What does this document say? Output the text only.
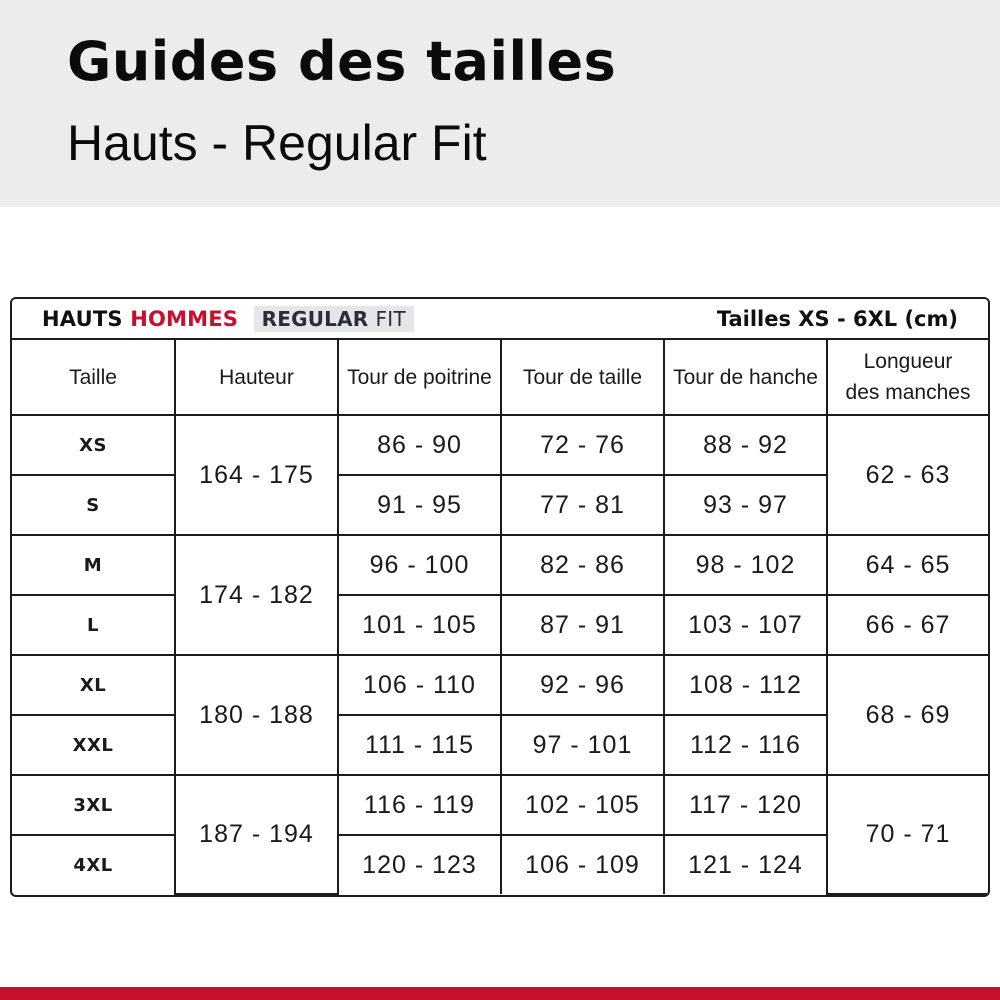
Guides des tailles
Hauts - Regular Fit
HAUTS HOMMES REGULAR FIT	Tailles XS - 6XL (cm)
Taille	Hauteur	Tour de poitrine	Tour de taille	Tour de hanche	Longueur
des manches
XS	164 - 175	86 - 90	72 - 76	88 - 92	62 - 63
S		91 - 95	77 - 81	93 - 97	
M	174 - 182	96 - 100	82 - 86	98 - 102	64 - 65
L		101 - 105	87 - 91	103 - 107	66 - 67
XL	180 - 188	106 - 110	92 - 96	108 - 112	68 - 69
XXL		111 - 115	97 - 101	112 - 116	
3XL	187 - 194	116 - 119	102 - 105	117 - 120	70 - 71
4XL		120 - 123	106 - 109	121 - 124	
